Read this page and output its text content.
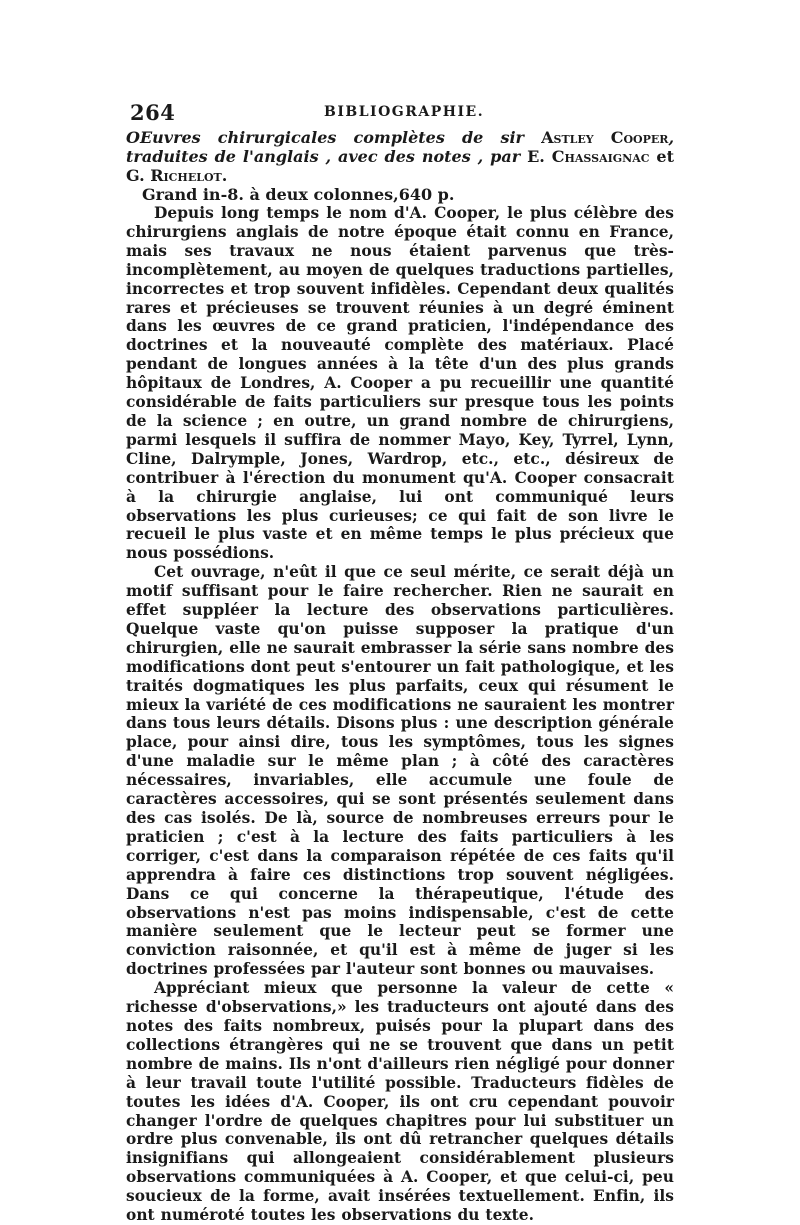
264	BIBLIOGRAPHIE.

OEuvres chirurgicales complètes de sir Astley Cooper, traduites de l'anglais , avec des notes , par E. Chassaignac et G. Richelot.

Grand in-8. à deux colonnes,640 p.

Depuis long temps le nom d'A. Cooper, le plus célèbre des chirurgiens anglais de notre époque était connu en France, mais ses travaux ne nous étaient parvenus que très-incomplètement, au moyen de quelques traductions partielles, incorrectes et trop souvent infidèles. Cependant deux qualités rares et précieuses se trouvent réunies à un degré éminent dans les œuvres de ce grand praticien, l'indépendance des doctrines et la nouveauté complète des matériaux. Placé pendant de longues années à la tête d'un des plus grands hôpitaux de Londres, A. Cooper a pu recueillir une quantité considérable de faits particuliers sur presque tous les points de la science ; en outre, un grand nombre de chirurgiens, parmi lesquels il suffira de nommer Mayo, Key, Tyrrel, Lynn, Cline, Dalrymple, Jones, Wardrop, etc., etc., désireux de contribuer à l'érection du monument qu'A. Cooper consacrait à la chirurgie anglaise, lui ont communiqué leurs observations les plus curieuses; ce qui fait de son livre le recueil le plus vaste et en même temps le plus précieux que nous possédions.

Cet ouvrage, n'eût il que ce seul mérite, ce serait déjà un motif suffisant pour le faire rechercher. Rien ne saurait en effet suppléer la lecture des observations particulières. Quelque vaste qu'on puisse supposer la pratique d'un chirurgien, elle ne saurait embrasser la série sans nombre des modifications dont peut s'entourer un fait pathologique, et les traités dogmatiques les plus parfaits, ceux qui résument le mieux la variété de ces modifications ne sauraient les montrer dans tous leurs détails. Disons plus : une description générale place, pour ainsi dire, tous les symptômes, tous les signes d'une maladie sur le même plan ; à côté des caractères nécessaires, invariables, elle accumule une foule de caractères accessoires, qui se sont présentés seulement dans des cas isolés. De là, source de nombreuses erreurs pour le praticien ; c'est à la lecture des faits particuliers à les corriger, c'est dans la comparaison répétée de ces faits qu'il apprendra à faire ces distinctions trop souvent négligées. Dans ce qui concerne la thérapeutique, l'étude des observations n'est pas moins indispensable, c'est de cette manière seulement que le lecteur peut se former une conviction raisonnée, et qu'il est à même de juger si les doctrines professées par l'auteur sont bonnes ou mauvaises.

Appréciant mieux que personne la valeur de cette « richesse d'observations,» les traducteurs ont ajouté dans des notes des faits nombreux, puisés pour la plupart dans des collections étrangères qui ne se trouvent que dans un petit nombre de mains. Ils n'ont d'ailleurs rien négligé pour donner à leur travail toute l'utilité possible. Traducteurs fidèles de toutes les idées d'A. Cooper, ils ont cru cependant pouvoir changer l'ordre de quelques chapitres pour lui substituer un ordre plus convenable, ils ont dû retrancher quelques détails insignifians qui allongeaient considérablement plusieurs observations communiquées à A. Cooper, et que celui-ci, peu soucieux de la forme, avait insérées textuellement. Enfin, ils ont numéroté toutes les observations du texte.
